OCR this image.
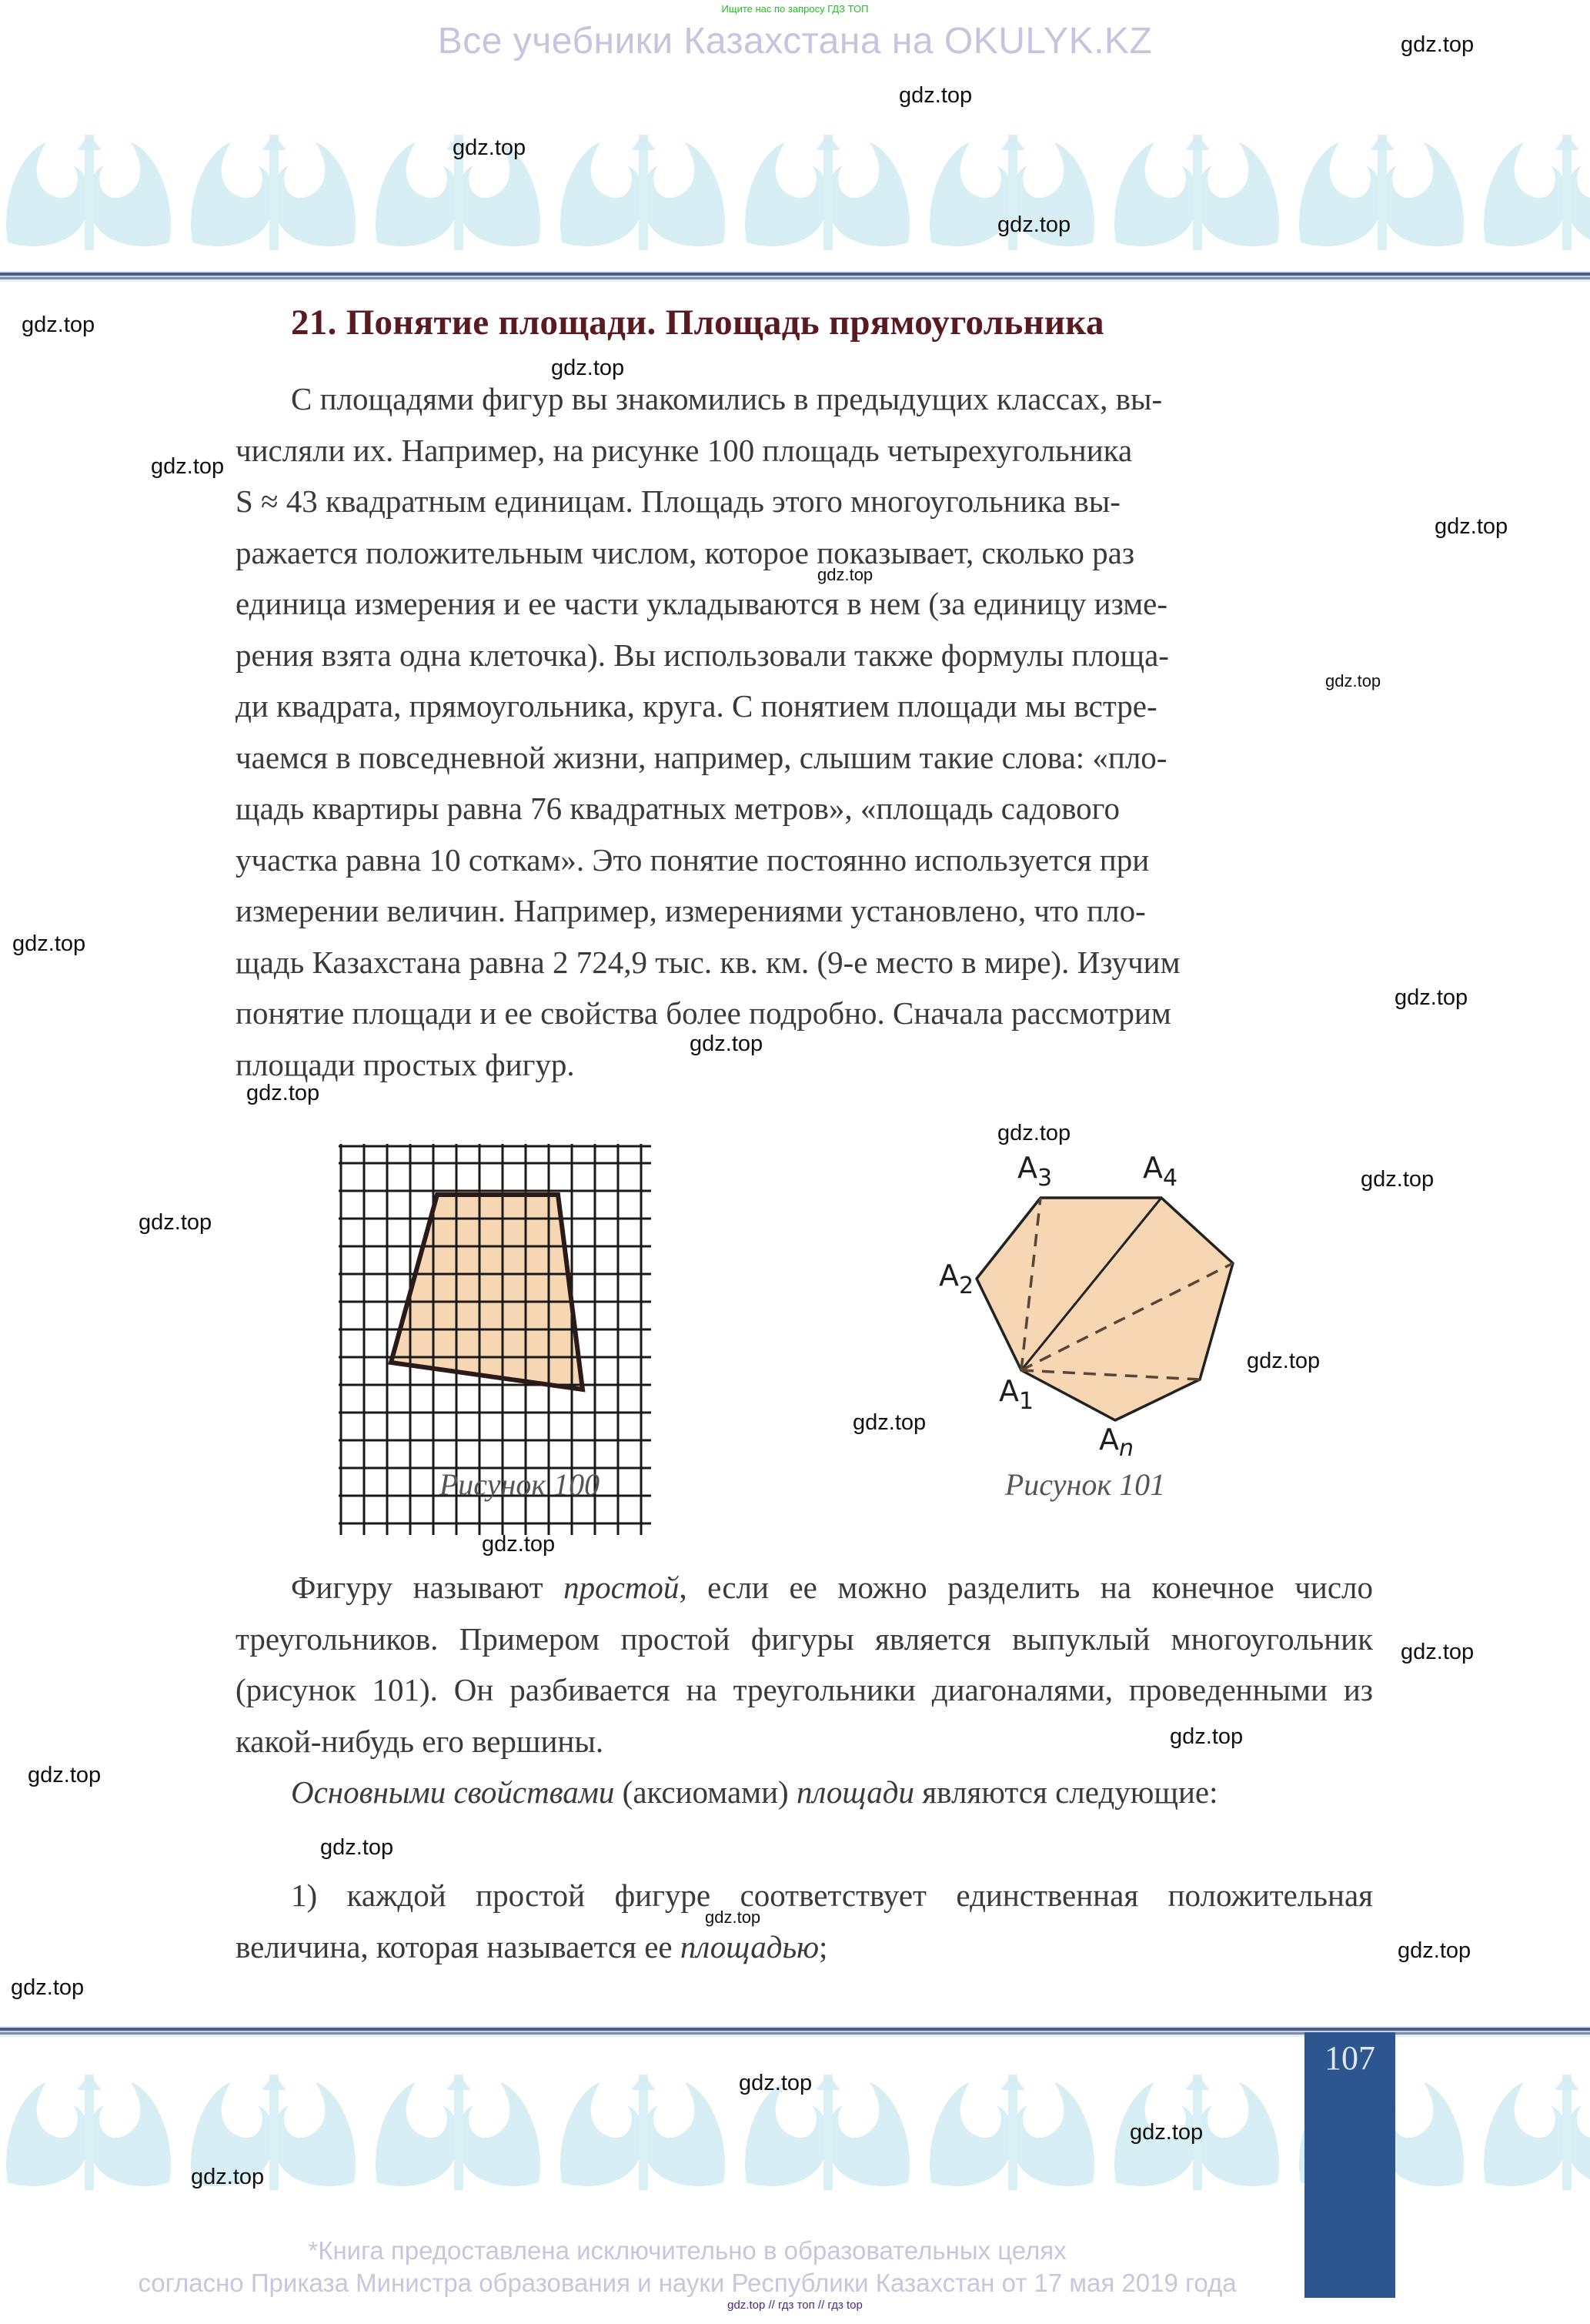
Ищите нас по запросу ГДЗ ТОП
Все учебники Казахстана на OKULYK.KZ
21. Понятие площади. Площадь прямоугольника
С площадями фигур вы знакомились в предыдущих классах, вы-
числяли их. Например, на рисунке 100 площадь четырехугольника
S ≈ 43 квадратным единицам. Площадь этого многоугольника вы-
ражается положительным числом, которое показывает, сколько раз
единица измерения и ее части укладываются в нем (за единицу изме-
рения взята одна клеточка). Вы использовали также формулы площа-
ди квадрата, прямоугольника, круга. С понятием площади мы встре-
чаемся в повседневной жизни, например, слышим такие слова: «пло-
щадь квартиры равна 76 квадратных метров», «площадь садового
участка равна 10 соткам». Это понятие постоянно используется при
измерении величин. Например, измерениями установлено, что пло-
щадь Казахстана равна 2 724,9 тыс. кв. км. (9-е место в мире). Изучим
понятие площади и ее свойства более подробно. Сначала рассмотрим
площади простых фигур.
Рисунок 100
$A_3$	$A_4$
$A_2$
$A_1$
$A_n$
Рисунок 101
Фигуру называют простой, если ее можно разделить на конечное число треугольников. Примером простой фигуры является выпуклый многоугольник (рисунок 101). Он разбивается на треугольники диагоналями, проведенными из какой-нибудь его вершины.
Основными свойствами (аксиомами) площади являются следующие:
1) каждой простой фигуре соответствует единственная положительная величина, которая называется ее площадью;
107
*Книга предоставлена исключительно в образовательных целях
согласно Приказа Министра образования и науки Республики Казахстан от 17 мая 2019 года
gdz.top // гдз топ // гдз top
gdz.top
gdz.top
gdz.top
gdz.top
gdz.top
gdz.top
gdz.top
gdz.top
gdz.top
gdz.top
gdz.top
gdz.top
gdz.top
gdz.top
gdz.top
gdz.top
gdz.top
gdz.top
gdz.top
gdz.top
gdz.top
gdz.top
gdz.top
gdz.top
gdz.top
gdz.top
gdz.top
gdz.top
gdz.top
gdz.top
